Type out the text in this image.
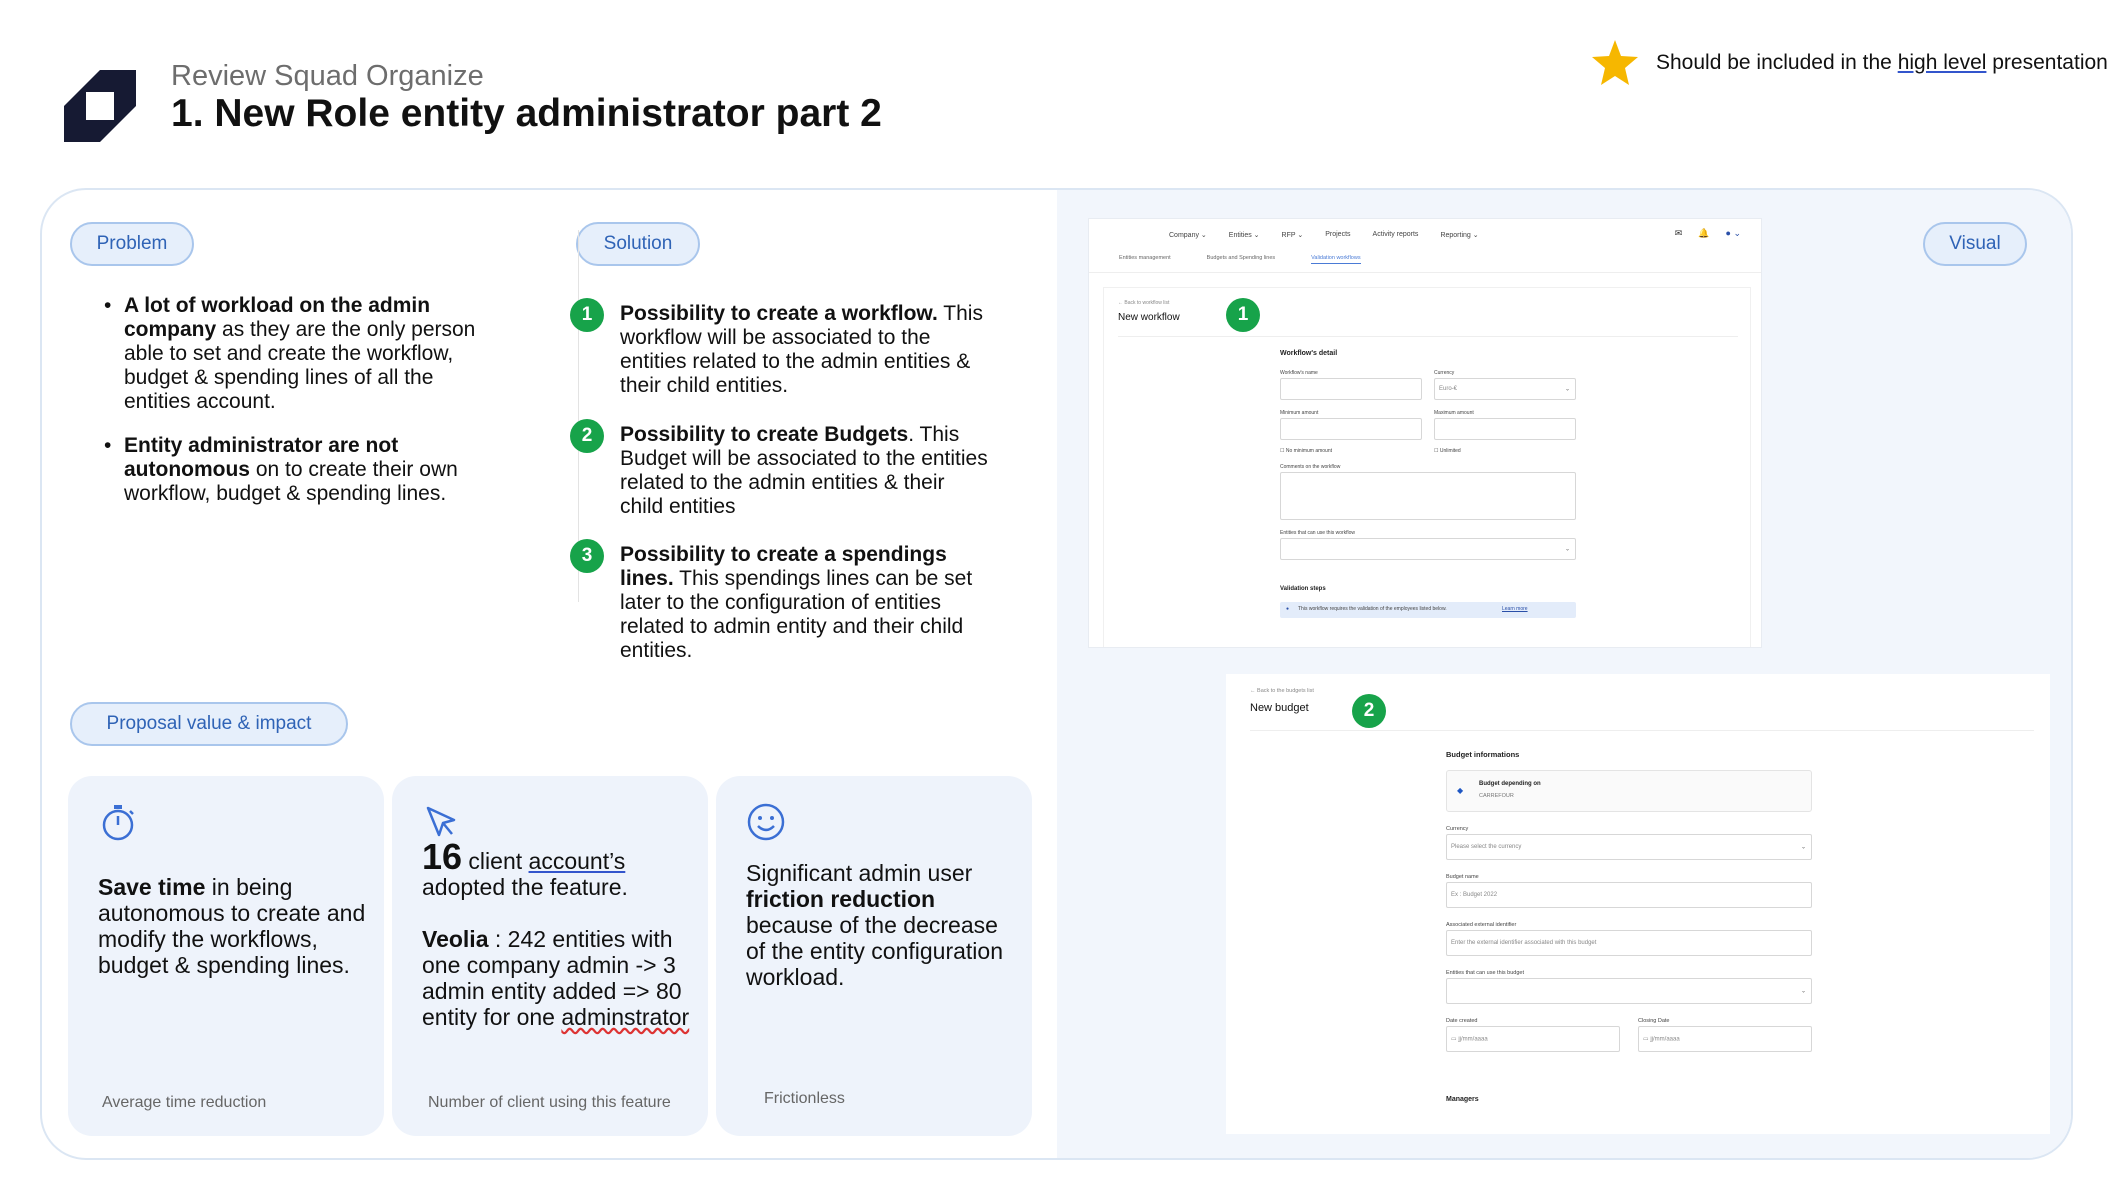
Review Squad Organize
1. New Role entity administrator part 2
Should be included in the high level presentation
Problem	Solution	Visual
Proposal value & impact
• A lot of workload on the admin company as they are the only person able to set and create the workflow, budget & spending lines of all the entities account.
• Entity administrator are not autonomous on to create their own workflow, budget & spending lines.
1	Possibility to create a workflow. This workflow will be associated to the entities related to the admin entities & their child entities.
2	Possibility to create Budgets. This Budget will be associated to the entities related to the admin entities & their child entities
3	Possibility to create a spendings lines. This spendings lines can be set later to the configuration of entities related to admin entity and their child entities.
Save time in being autonomous to create and modify the workflows, budget & spending lines.
Average time reduction
16 client account’s
adopted the feature.

Veolia : 242 entities with one company admin -> 3 admin entity added => 80 entity for one adminstrator
Number of client using this feature
Significant admin user friction reduction because of the decrease of the entity configuration workload.
Frictionless
Company ⌄	Entities ⌄	RFP ⌄	Projects	Activity reports	Reporting ⌄	✉ 🔔 ● ⌄
Entities management	Budgets and Spending lines	Validation workflows
← Back to workflow list
New workflow	1
Workflow's detail
Workflow's name	Currency
Euro-€	⌄
Minimum amount	Maximum amount
☐ No minimum amount	☐ Unlimited
Comments on the workflow
Entities that can use this workflow
⌄
Validation steps
● This workflow requires the validation of the employees listed below.	Learn more
← Back to the budgets list
New budget	2
Budget informations
◆
Budget depending on
CARREFOUR
Currency
Please select the currency	⌄
Budget name
Ex : Budget 2022
Associated external identifier
Enter the external identifier associated with this budget
Entities that can use this budget
⌄
Date created
▭ jj/mm/aaaa
Closing Date
▭ jj/mm/aaaa
Managers
